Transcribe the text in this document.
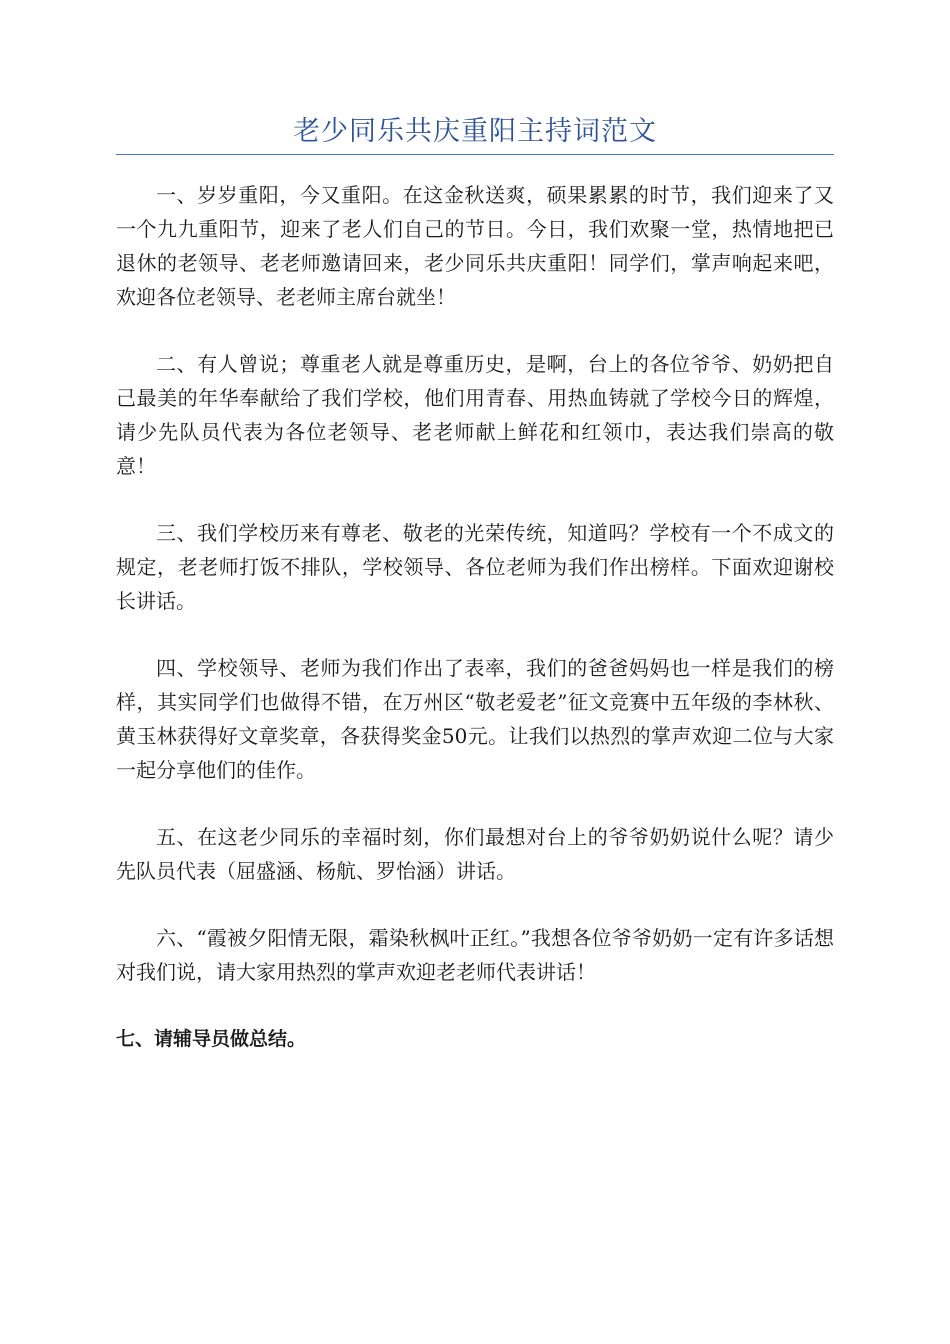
老少同乐共庆重阳主持词范文

一、岁岁重阳，今又重阳。在这金秋送爽，硕果累累的时节，我们迎来了又一个九九重阳节，迎来了老人们自己的节日。今日，我们欢聚一堂，热情地把已退休的老领导、老老师邀请回来，老少同乐共庆重阳！同学们，掌声响起来吧，欢迎各位老领导、老老师主席台就坐！

二、有人曾说；尊重老人就是尊重历史，是啊，台上的各位爷爷、奶奶把自己最美的年华奉献给了我们学校，他们用青春、用热血铸就了学校今日的辉煌，请少先队员代表为各位老领导、老老师献上鲜花和红领巾，表达我们崇高的敬意！

三、我们学校历来有尊老、敬老的光荣传统，知道吗？学校有一个不成文的规定，老老师打饭不排队，学校领导、各位老师为我们作出榜样。下面欢迎谢校长讲话。

四、学校领导、老师为我们作出了表率，我们的爸爸妈妈也一样是我们的榜样，其实同学们也做得不错，在万州区“敬老爱老”征文竞赛中五年级的李林秋、黄玉林获得好文章奖章，各获得奖金50元。让我们以热烈的掌声欢迎二位与大家一起分享他们的佳作。

五、在这老少同乐的幸福时刻，你们最想对台上的爷爷奶奶说什么呢？请少先队员代表（屈盛涵、杨航、罗怡涵）讲话。

六、“霞被夕阳情无限，霜染秋枫叶正红。”我想各位爷爷奶奶一定有许多话想对我们说，请大家用热烈的掌声欢迎老老师代表讲话！

七、请辅导员做总结。
